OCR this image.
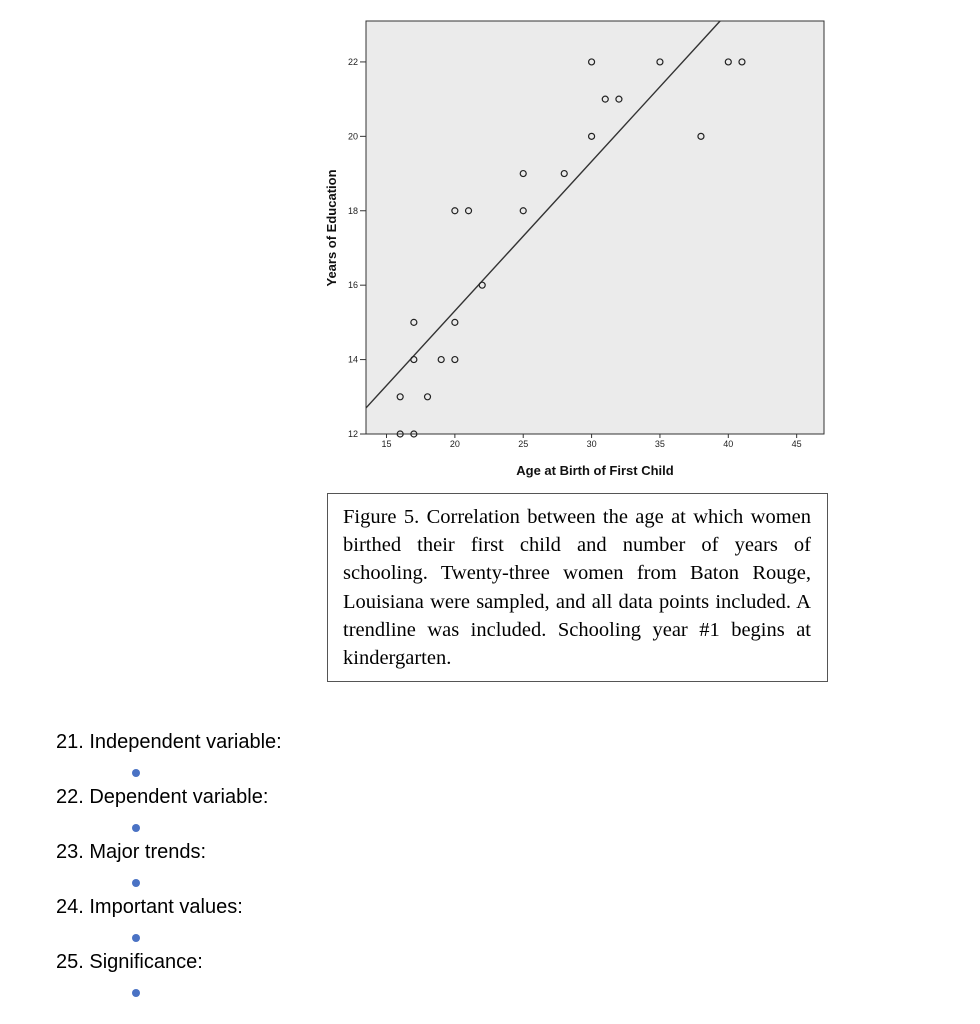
12
14
16
18
20
22
15	20	25	30	35	40	45
Years of Education
Age at Birth of First Child
Figure 5. Correlation between the age at which women birthed their first child and number of years of schooling. Twenty-three women from Baton Rouge, Louisiana were sampled, and all data points included. A trendline was included. Schooling year #1 begins at kindergarten.
21. Independent variable:
22. Dependent variable:
23. Major trends:
24. Important values:
25. Significance:
